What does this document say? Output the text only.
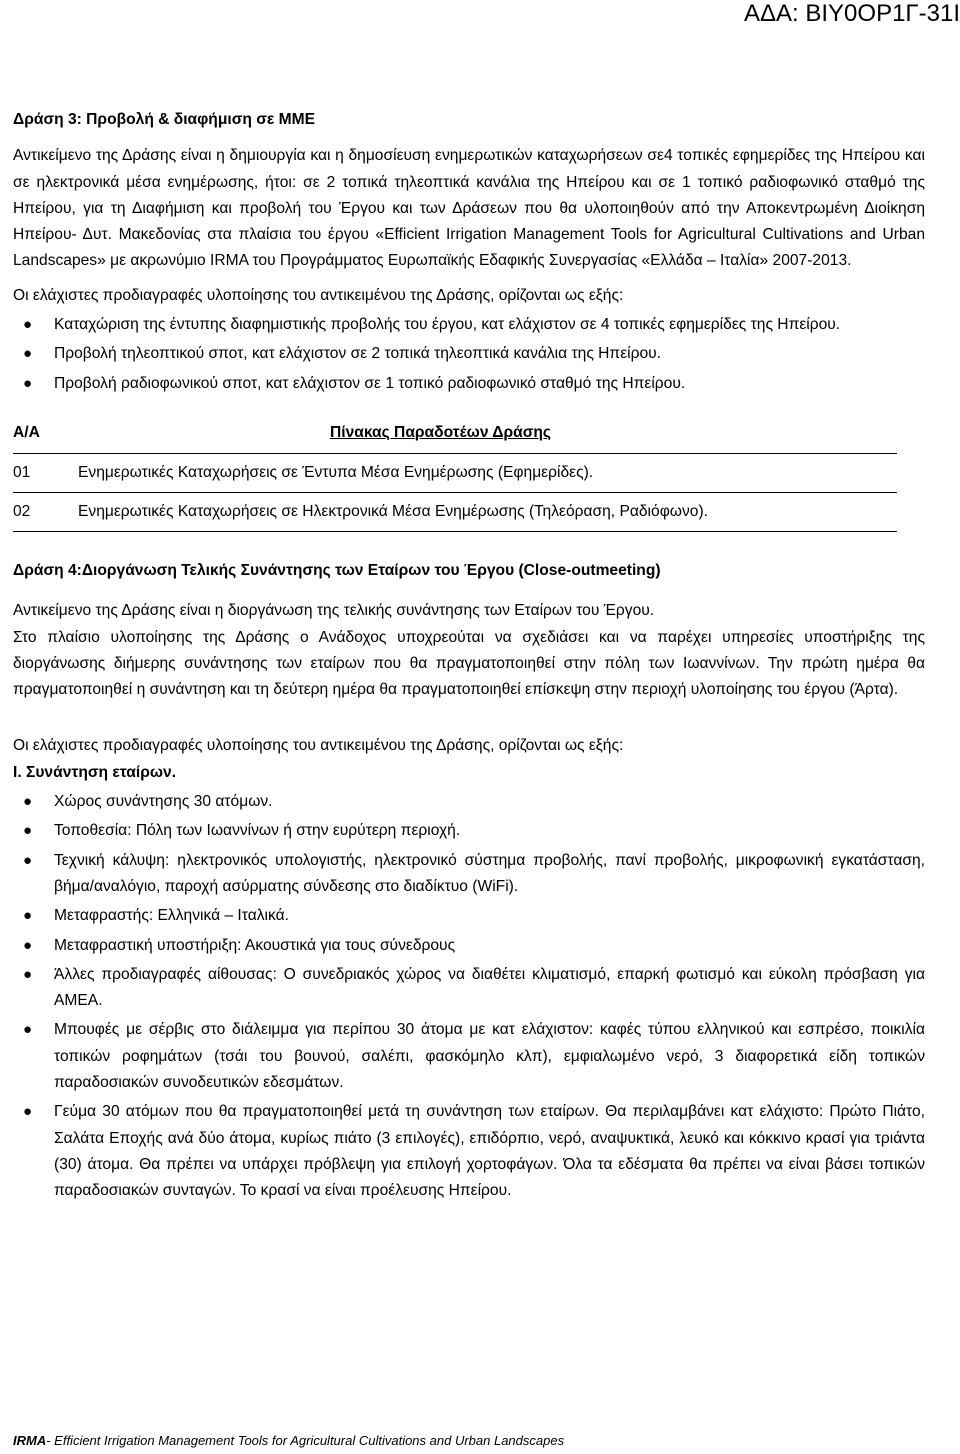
ΑΔΑ: ΒΙΥ0ΟΡ1Γ-31Ι
Δράση 3: Προβολή & διαφήμιση σε ΜΜΕ

Αντικείμενο της Δράσης είναι η δημιουργία και η δημοσίευση ενημερωτικών καταχωρήσεων σε4 τοπικές εφημερίδες της Ηπείρου και σε ηλεκτρονικά μέσα ενημέρωσης, ήτοι: σε 2 τοπικά τηλεοπτικά κανάλια της Ηπείρου και σε 1 τοπικό ραδιοφωνικό σταθμό της Ηπείρου, για τη Διαφήμιση και προβολή του Έργου και των Δράσεων που θα υλοποιηθούν από την Αποκεντρωμένη Διοίκηση Ηπείρου- Δυτ. Μακεδονίας στα πλαίσια του έργου «Efficient Irrigation Management Tools for Agricultural Cultivations and Urban Landscapes» με ακρωνύμιο IRMA του Προγράμματος Ευρωπαϊκής Εδαφικής Συνεργασίας «Ελλάδα – Ιταλία» 2007-2013.

Οι ελάχιστες προδιαγραφές υλοποίησης του αντικειμένου της Δράσης, ορίζονται ως εξής:

● Καταχώριση της έντυπης διαφημιστικής προβολής του έργου, κατ ελάχιστον σε 4 τοπικές εφημερίδες της Ηπείρου.
● Προβολή τηλεοπτικού σποτ, κατ ελάχιστον σε 2 τοπικά τηλεοπτικά κανάλια της Ηπείρου.
● Προβολή ραδιοφωνικού σποτ, κατ ελάχιστον σε 1 τοπικό ραδιοφωνικό σταθμό της Ηπείρου.
Α/Α	Πίνακας Παραδοτέων Δράσης
01	Ενημερωτικές Καταχωρήσεις σε Έντυπα Μέσα Ενημέρωσης (Εφημερίδες).
02	Ενημερωτικές Καταχωρήσεις σε Ηλεκτρονικά Μέσα Ενημέρωσης (Τηλεόραση, Ραδιόφωνο).
Δράση 4:Διοργάνωση Τελικής Συνάντησης των Εταίρων του Έργου (Close-outmeeting)

Αντικείμενο της Δράσης είναι η διοργάνωση της τελικής συνάντησης των Εταίρων του Έργου.

Στο πλαίσιο υλοποίησης της Δράσης ο Ανάδοχος υποχρεούται να σχεδιάσει και να παρέχει υπηρεσίες υποστήριξης της διοργάνωσης διήμερης συνάντησης των εταίρων που θα πραγματοποιηθεί στην πόλη των Ιωαννίνων. Την πρώτη ημέρα θα πραγματοποιηθεί η συνάντηση και τη δεύτερη ημέρα θα πραγματοποιηθεί επίσκεψη στην περιοχή υλοποίησης του έργου (Άρτα).

Οι ελάχιστες προδιαγραφές υλοποίησης του αντικειμένου της Δράσης, ορίζονται ως εξής:

Ι. Συνάντηση εταίρων.
● Χώρος συνάντησης 30 ατόμων.
● Τοποθεσία: Πόλη των Ιωαννίνων ή στην ευρύτερη περιοχή.
● Τεχνική κάλυψη: ηλεκτρονικός υπολογιστής, ηλεκτρονικό σύστημα προβολής, πανί προβολής, μικροφωνική εγκατάσταση, βήμα/αναλόγιο, παροχή ασύρματης σύνδεσης στο διαδίκτυο (WiFi).
● Μεταφραστής: Ελληνικά – Ιταλικά.
● Μεταφραστική υποστήριξη: Ακουστικά για τους σύνεδρους
● Άλλες προδιαγραφές αίθουσας: Ο συνεδριακός χώρος να διαθέτει κλιματισμό, επαρκή φωτισμό και εύκολη πρόσβαση για ΑΜΕΑ.
● Μπουφές με σέρβις στο διάλειμμα για περίπου 30 άτομα με κατ ελάχιστον: καφές τύπου ελληνικού και εσπρέσο, ποικιλία τοπικών ροφημάτων (τσάι του βουνού, σαλέπι, φασκόμηλο κλπ), εμφιαλωμένο νερό, 3 διαφορετικά είδη τοπικών παραδοσιακών συνοδευτικών εδεσμάτων.
● Γεύμα 30 ατόμων που θα πραγματοποιηθεί μετά τη συνάντηση των εταίρων. Θα περιλαμβάνει κατ ελάχιστο: Πρώτο Πιάτο, Σαλάτα Εποχής ανά δύο άτομα, κυρίως πιάτο (3 επιλογές), επιδόρπιο, νερό, αναψυκτικά, λευκό και κόκκινο κρασί για τριάντα (30) άτομα. Θα πρέπει να υπάρχει πρόβλεψη για επιλογή χορτοφάγων. Όλα τα εδέσματα θα πρέπει να είναι βάσει τοπικών παραδοσιακών συνταγών. Το κρασί να είναι προέλευσης Ηπείρου.
IRMA- Efficient Irrigation Management Tools for Agricultural Cultivations and Urban Landscapes
